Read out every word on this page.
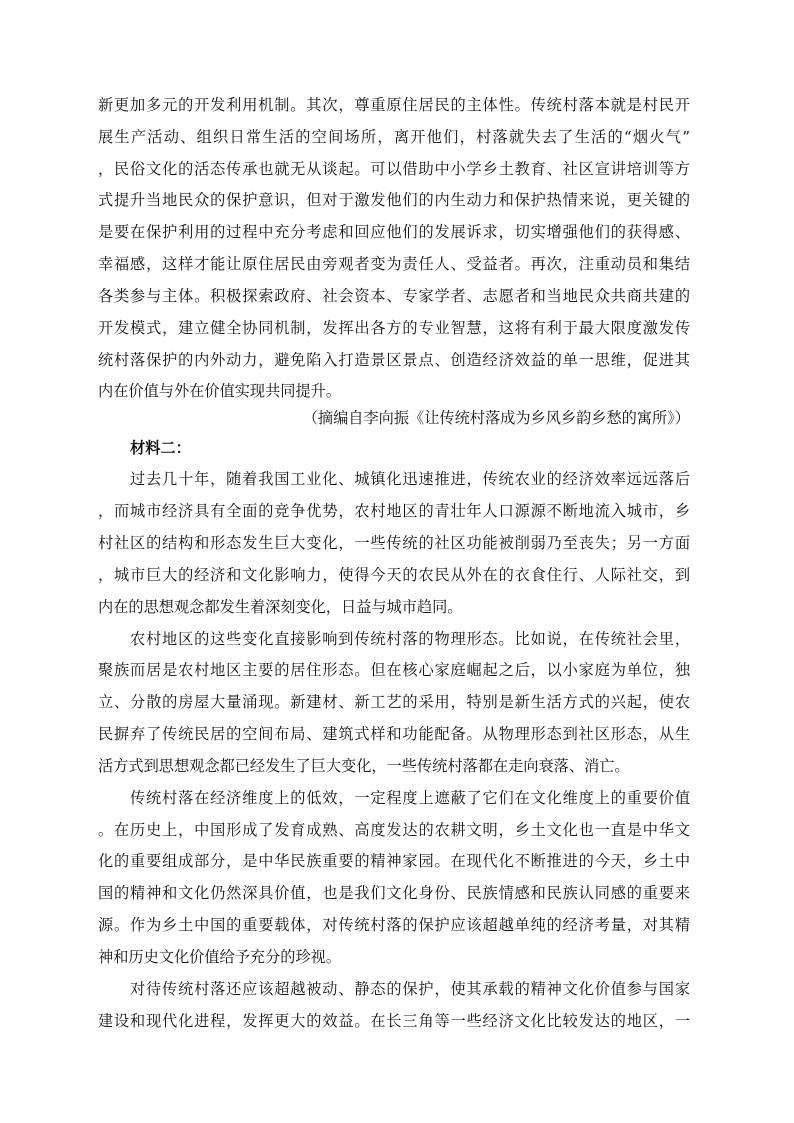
新更加多元的开发利用机制。其次，尊重原住居民的主体性。传统村落本就是村民开
展生产活动、组织日常生活的空间场所，离开他们，村落就失去了生活的“烟火气”
，民俗文化的活态传承也就无从谈起。可以借助中小学乡土教育、社区宣讲培训等方
式提升当地民众的保护意识，但对于激发他们的内生动力和保护热情来说，更关键的
是要在保护利用的过程中充分考虑和回应他们的发展诉求，切实增强他们的获得感、
幸福感，这样才能让原住居民由旁观者变为责任人、受益者。再次，注重动员和集结
各类参与主体。积极探索政府、社会资本、专家学者、志愿者和当地民众共商共建的
开发模式，建立健全协同机制，发挥出各方的专业智慧，这将有利于最大限度激发传
统村落保护的内外动力，避免陷入打造景区景点、创造经济效益的单一思维，促进其
内在价值与外在价值实现共同提升。
（摘编自李向振《让传统村落成为乡风乡韵乡愁的寓所》）
材料二：
过去几十年，随着我国工业化、城镇化迅速推进，传统农业的经济效率远远落后
，而城市经济具有全面的竞争优势，农村地区的青壮年人口源源不断地流入城市，乡
村社区的结构和形态发生巨大变化，一些传统的社区功能被削弱乃至丧失；另一方面
，城市巨大的经济和文化影响力，使得今天的农民从外在的衣食住行、人际社交，到
内在的思想观念都发生着深刻变化，日益与城市趋同。
农村地区的这些变化直接影响到传统村落的物理形态。比如说，在传统社会里，
聚族而居是农村地区主要的居住形态。但在核心家庭崛起之后，以小家庭为单位，独
立、分散的房屋大量涌现。新建材、新工艺的采用，特别是新生活方式的兴起，使农
民摒弃了传统民居的空间布局、建筑式样和功能配备。从物理形态到社区形态，从生
活方式到思想观念都已经发生了巨大变化，一些传统村落都在走向衰落、消亡。
传统村落在经济维度上的低效，一定程度上遮蔽了它们在文化维度上的重要价值
。在历史上，中国形成了发育成熟、高度发达的农耕文明，乡土文化也一直是中华文
化的重要组成部分，是中华民族重要的精神家园。在现代化不断推进的今天，乡土中
国的精神和文化仍然深具价值，也是我们文化身份、民族情感和民族认同感的重要来
源。作为乡土中国的重要载体，对传统村落的保护应该超越单纯的经济考量，对其精
神和历史文化价值给予充分的珍视。
对待传统村落还应该超越被动、静态的保护，使其承载的精神文化价值参与国家
建设和现代化进程，发挥更大的效益。在长三角等一些经济文化比较发达的地区，一
